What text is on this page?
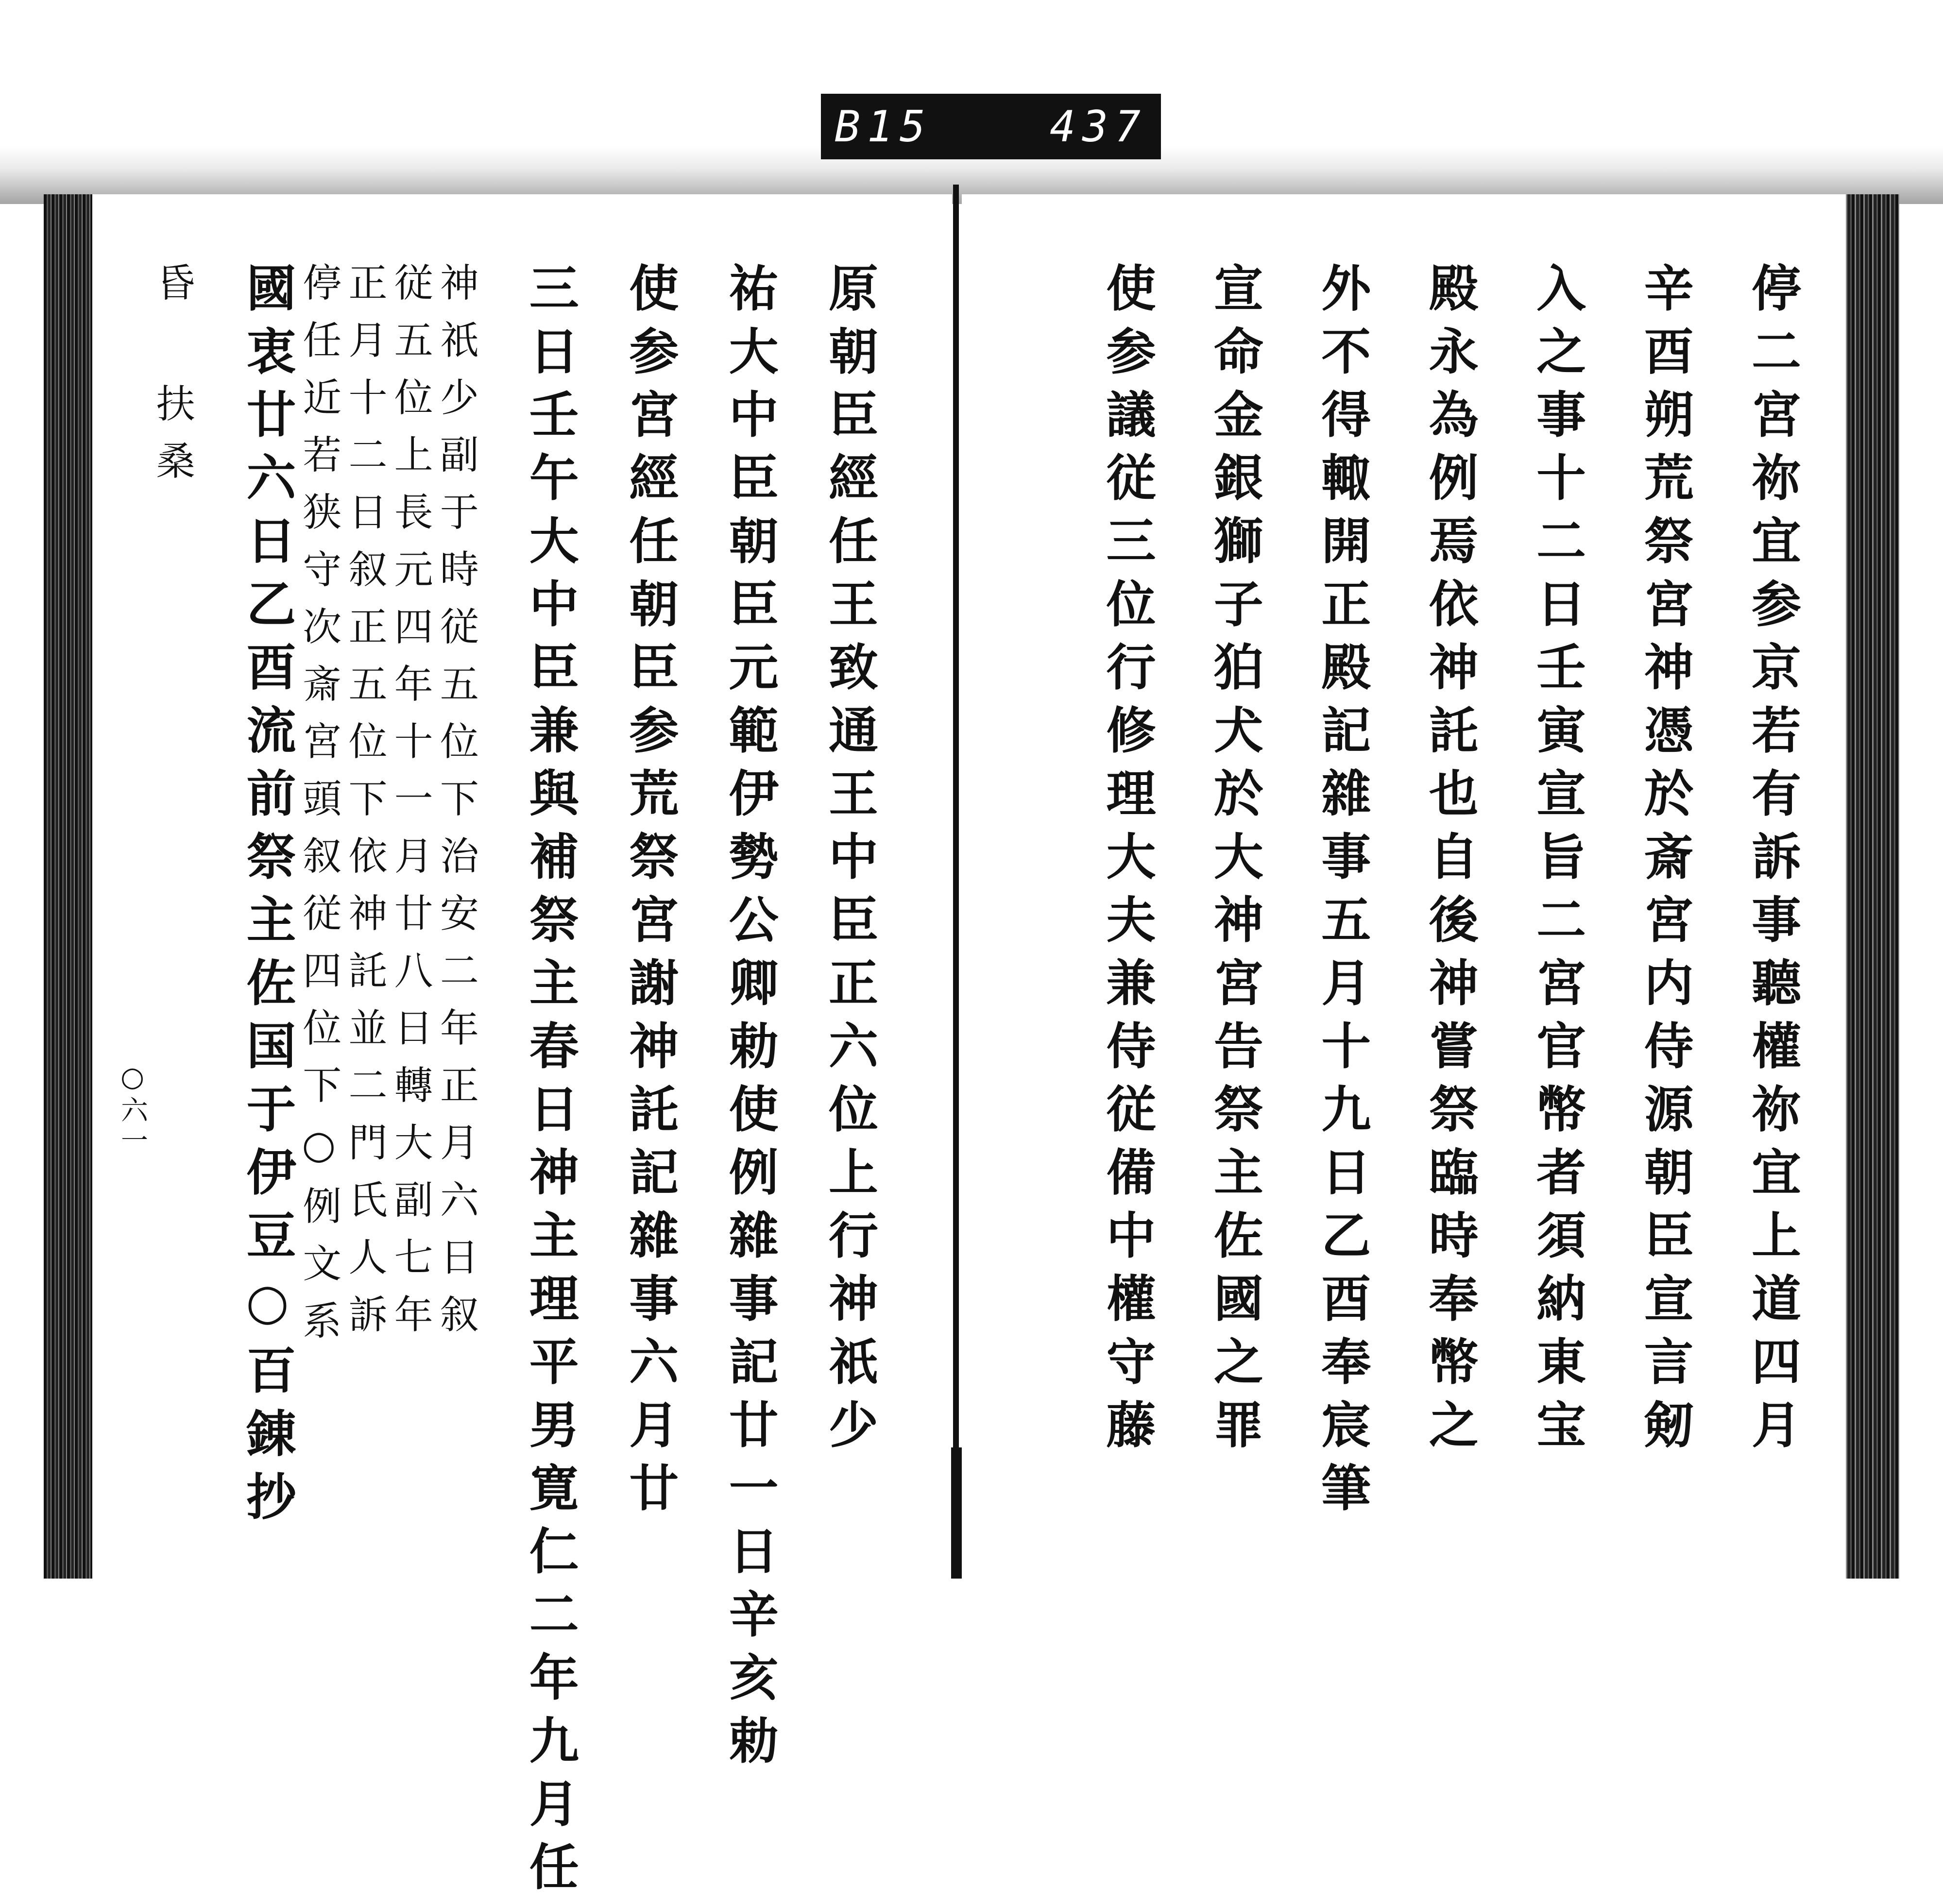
B15	437
停二宮祢宜参京若有訴事聽權祢宜上道四月
辛酉朔荒祭宮神憑於斎宮内侍源朝臣宣言剱
入之事十二日壬寅宣旨二宮官幣者須納東宝
殿永為例焉依神託也自後神嘗祭臨時奉幣之
外不得輙開正殿記雜事五月十九日乙酉奉宸筆
宣命金銀獅子狛犬於大神宮告祭主佐國之罪
使参議従三位行修理大夫兼侍従備中權守藤
原朝臣經任王致通王中臣正六位上行神祇少
祐大中臣朝臣元範伊勢公卿勅使例雜事記廿一日辛亥勅
使参宮經任朝臣参荒祭宮謝神託記雜事六月廿
三日壬午大中臣兼與補祭主春日神主理平男寛仁二年九月任
神祇少副于時従五位下治安二年正月六日叙
従五位上長元四年十一月廿八日轉大副七年
正月十二日叙正五位下依神託並二門氏人訴
停任近若狭守次斎宮頭叙従四位下○例文系
國衷廿六日乙酉流前祭主佐国于伊豆○百錬抄
昏 扶桑
○六一
